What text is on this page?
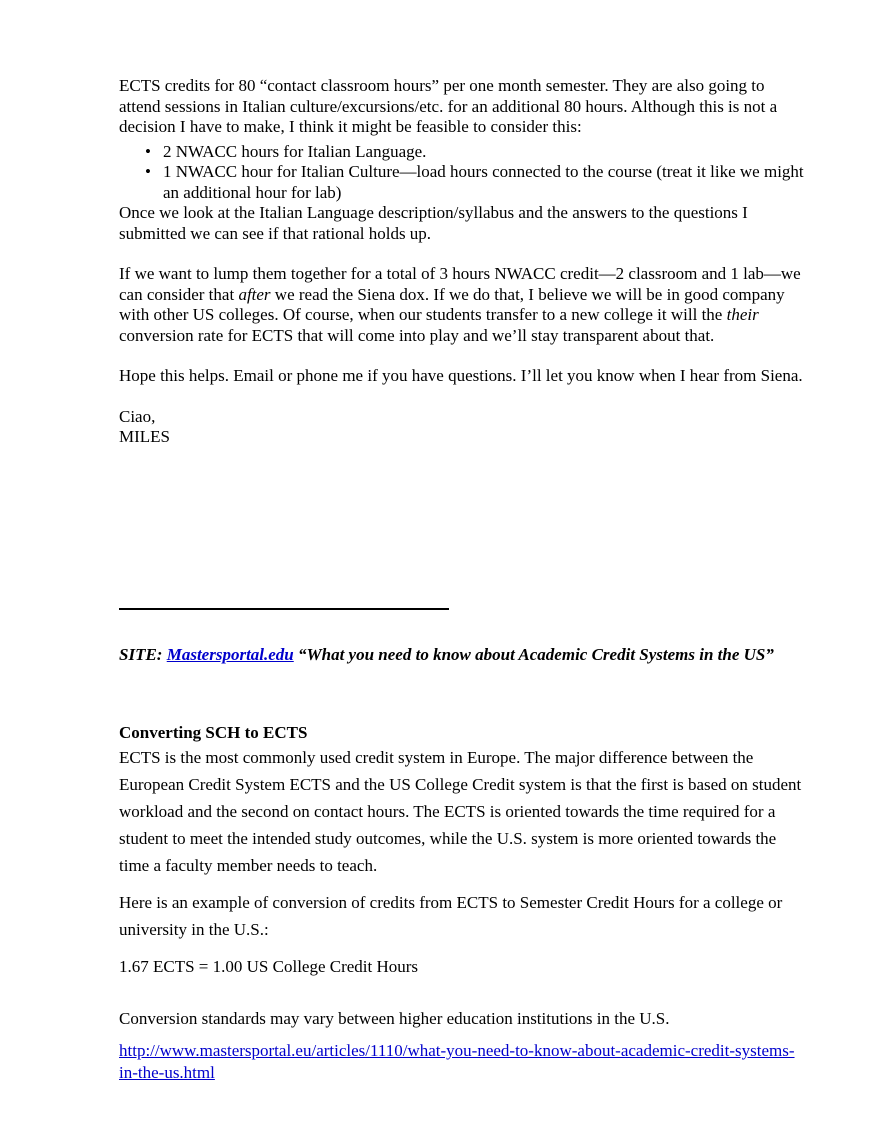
ECTS credits for 80 “contact classroom hours” per one month semester. They are also going to attend sessions in Italian culture/excursions/etc. for an additional 80 hours. Although this is not a decision I have to make, I think it might be feasible to consider this:

• 2 NWACC hours for Italian Language.
• 1 NWACC hour for Italian Culture—load hours connected to the course (treat it like we might an additional hour for lab)

Once we look at the Italian Language description/syllabus and the answers to the questions I submitted we can see if that rational holds up.

If we want to lump them together for a total of 3 hours NWACC credit—2 classroom and 1 lab—we can consider that after we read the Siena dox. If we do that, I believe we will be in good company with other US colleges. Of course, when our students transfer to a new college it will the their conversion rate for ECTS that will come into play and we’ll stay transparent about that.

Hope this helps. Email or phone me if you have questions. I’ll let you know when I hear from Siena.

Ciao,

MILES

SITE: Mastersportal.edu “What you need to know about Academic Credit Systems in the US”
Converting SCH to ECTS

ECTS is the most commonly used credit system in Europe. The major difference between the European Credit System ECTS and the US College Credit system is that the first is based on student workload and the second on contact hours. The ECTS is oriented towards the time required for a student to meet the intended study outcomes, while the U.S. system is more oriented towards the time a faculty member needs to teach.

Here is an example of conversion of credits from ECTS to Semester Credit Hours for a college or university in the U.S.:

1.67 ECTS = 1.00 US College Credit Hours

Conversion standards may vary between higher education institutions in the U.S.
http://www.mastersportal.eu/articles/1110/what-you-need-to-know-about-academic-credit-systems-in-the-us.html
